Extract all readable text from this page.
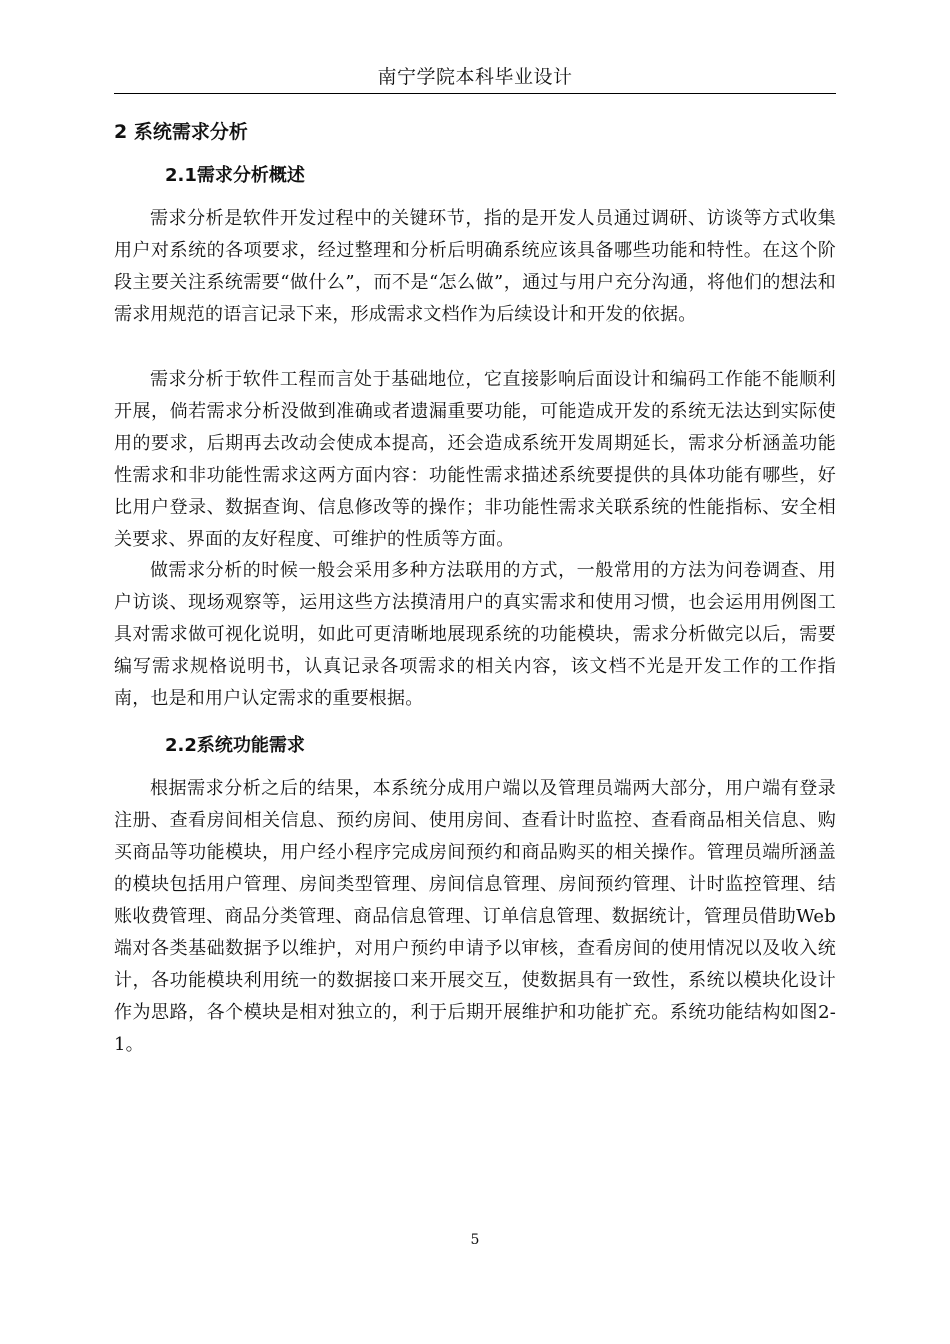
南宁学院本科毕业设计
2 系统需求分析
2.1需求分析概述

需求分析是软件开发过程中的关键环节，指的是开发人员通过调研、访谈等方式收集用户对系统的各项要求，经过整理和分析后明确系统应该具备哪些功能和特性。在这个阶段主要关注系统需要“做什么”，而不是“怎么做”，通过与用户充分沟通，将他们的想法和需求用规范的语言记录下来，形成需求文档作为后续设计和开发的依据。

需求分析于软件工程而言处于基础地位，它直接影响后面设计和编码工作能不能顺利开展，倘若需求分析没做到准确或者遗漏重要功能，可能造成开发的系统无法达到实际使用的要求，后期再去改动会使成本提高，还会造成系统开发周期延长，需求分析涵盖功能性需求和非功能性需求这两方面内容：功能性需求描述系统要提供的具体功能有哪些，好比用户登录、数据查询、信息修改等的操作；非功能性需求关联系统的性能指标、安全相关要求、界面的友好程度、可维护的性质等方面。

做需求分析的时候一般会采用多种方法联用的方式，一般常用的方法为问卷调查、用户访谈、现场观察等，运用这些方法摸清用户的真实需求和使用习惯，也会运用用例图工具对需求做可视化说明，如此可更清晰地展现系统的功能模块，需求分析做完以后，需要编写需求规格说明书，认真记录各项需求的相关内容，该文档不光是开发工作的工作指南，也是和用户认定需求的重要根据。

2.2系统功能需求

根据需求分析之后的结果，本系统分成用户端以及管理员端两大部分，用户端有登录注册、查看房间相关信息、预约房间、使用房间、查看计时监控、查看商品相关信息、购买商品等功能模块，用户经小程序完成房间预约和商品购买的相关操作。管理员端所涵盖的模块包括用户管理、房间类型管理、房间信息管理、房间预约管理、计时监控管理、结账收费管理、商品分类管理、商品信息管理、订单信息管理、数据统计，管理员借助Web端对各类基础数据予以维护，对用户预约申请予以审核，查看房间的使用情况以及收入统计，各功能模块利用统一的数据接口来开展交互，使数据具有一致性，系统以模块化设计作为思路，各个模块是相对独立的，利于后期开展维护和功能扩充。系统功能结构如图2-1。

5
